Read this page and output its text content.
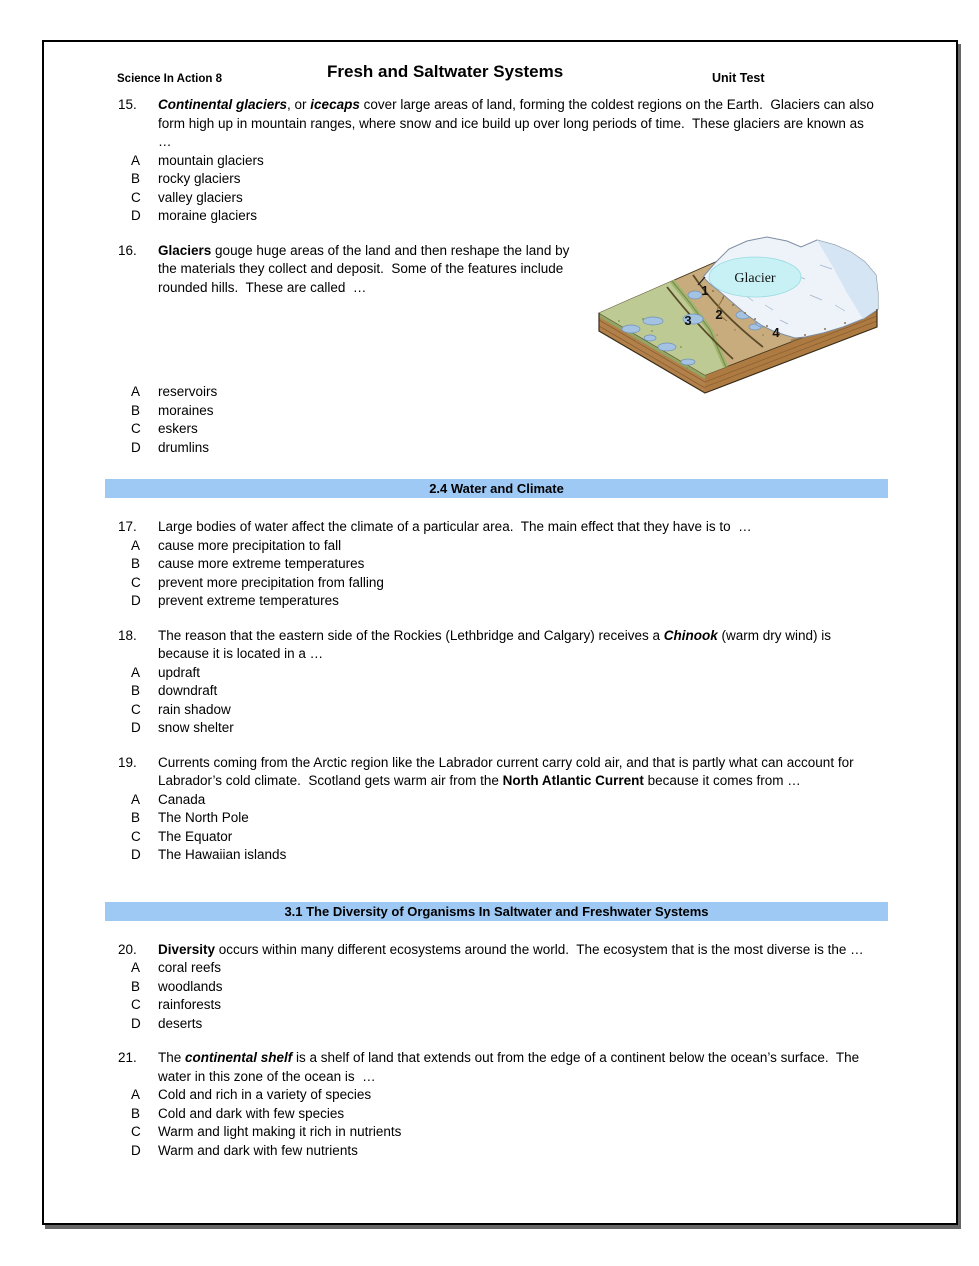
Science In Action 8	Fresh and Saltwater Systems	Unit Test
15.	Continental glaciers, or icecaps cover large areas of land, forming the coldest regions on the Earth.  Glaciers can also form high up in mountain ranges, where snow and ice build up over long periods of time.  These glaciers are known as  …
A	mountain glaciers
B	rocky glaciers
C	valley glaciers
D	moraine glaciers
16.	Glaciers gouge huge areas of the land and then reshape the land by the materials they collect and deposit.  Some of the features include rounded hills.  These are called  …
A	reservoirs
B	moraines
C	eskers
D	drumlins
Glacier
1
2
3
4
2.4 Water and Climate
17.	Large bodies of water affect the climate of a particular area.  The main effect that they have is to  …
A	cause more precipitation to fall
B	cause more extreme temperatures
C	prevent more precipitation from falling
D	prevent extreme temperatures
18.	The reason that the eastern side of the Rockies (Lethbridge and Calgary) receives a Chinook (warm dry wind) is because it is located in a …
A	updraft
B	downdraft
C	rain shadow
D	snow shelter
19.	Currents coming from the Arctic region like the Labrador current carry cold air, and that is partly what can account for Labrador’s cold climate.  Scotland gets warm air from the North Atlantic Current because it comes from …
A	Canada
B	The North Pole
C	The Equator
D	The Hawaiian islands
3.1 The Diversity of Organisms In Saltwater and Freshwater Systems
20.	Diversity occurs within many different ecosystems around the world.  The ecosystem that is the most diverse is the …
A	coral reefs
B	woodlands
C	rainforests
D	deserts
21.	The continental shelf is a shelf of land that extends out from the edge of a continent below the ocean’s surface.  The water in this zone of the ocean is  …
A	Cold and rich in a variety of species
B	Cold and dark with few species
C	Warm and light making it rich in nutrients
D	Warm and dark with few nutrients
